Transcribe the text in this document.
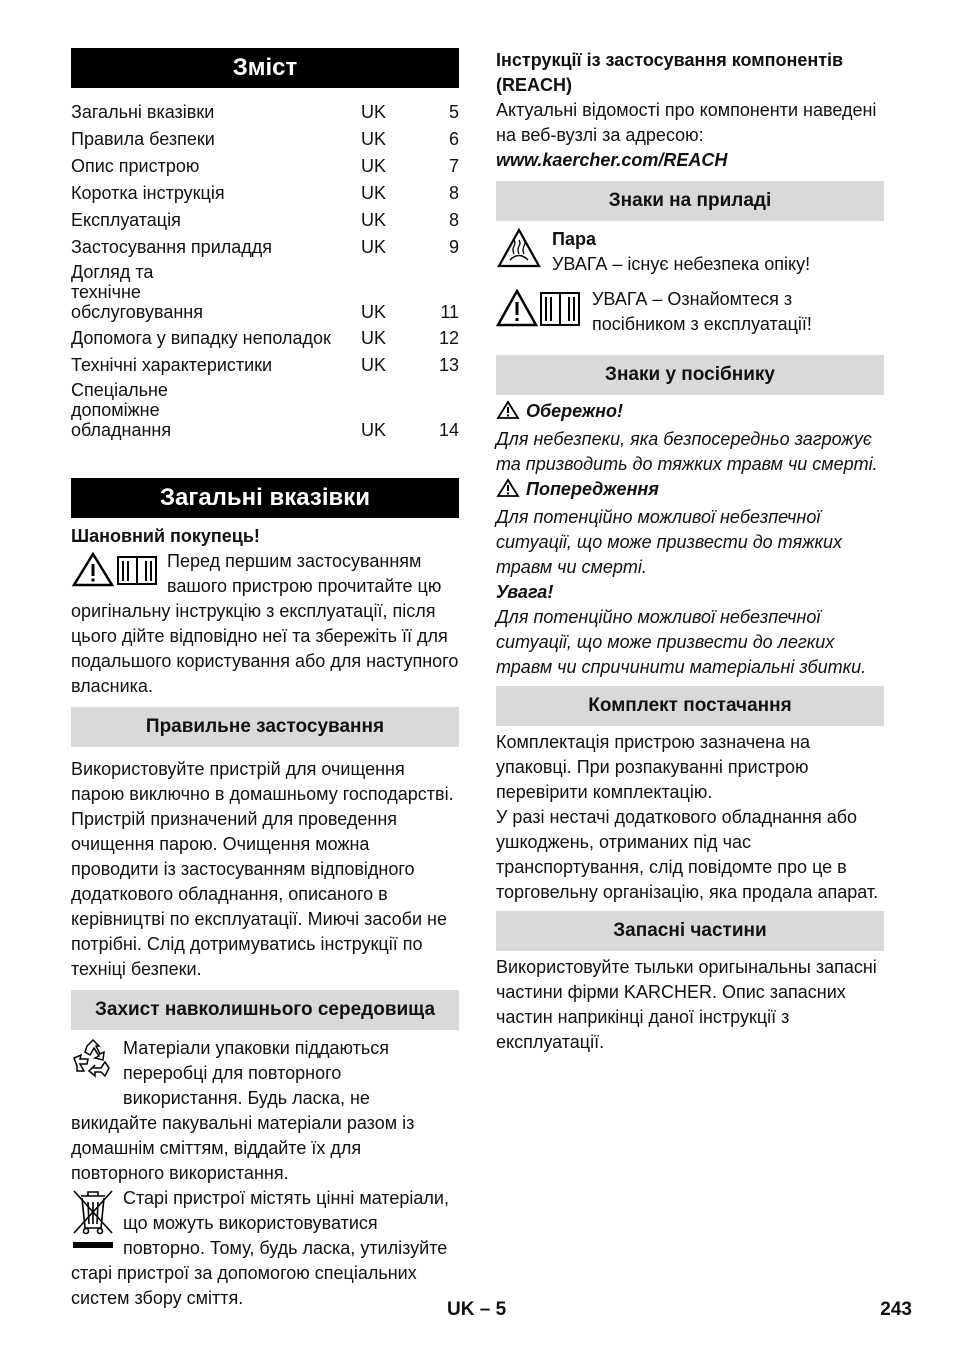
Зміст
Загальні вказівки	UK	5
Правила безпеки	UK	6
Опис пристрою	UK	7
Коротка інструкція	UK	8
Експлуатація	UK	8
Застосування приладдя	UK	9
Догляд та технічне обслуговування	UK	11
Допомога у випадку неполадок	UK	12
Технічні характеристики	UK	13
Спеціальне допоміжне обладнання	UK	14
Загальні вказівки

Шановний покупець!

Перед першим застосуванням вашого пристрою прочитайте цю оригінальну інструкцію з експлуатації, після цього дійте відповідно неї та збережіть її для подальшого користування або для наступного власника.

Правильне застосування

Використовуйте пристрій для очищення парою виключно в домашньому господарстві. Пристрій призначений для проведення очищення парою. Очищення можна проводити із застосуванням відповідного додаткового обладнання, описаного в керівництві по експлуатації. Миючі засоби не потрібні. Слід дотримуватись інструкції по техніці безпеки.

Захист навколишнього середовища

Матеріали упаковки піддаються переробці для повторного використання. Будь ласка, не викидайте пакувальні матеріали разом із домашнім сміттям, віддайте їх для повторного використання.

Старі пристрої містять цінні матеріали, що можуть використовуватися повторно. Тому, будь ласка, утилізуйте старі пристрої за допомогою спеціальних систем збору сміття.

Інструкції із застосування компонентів (REACH)

Актуальні відомості про компоненти наведені на веб-вузлі за адресою:

www.kaercher.com/REACH

Знаки на приладі

Пара

УВАГА – існує небезпека опіку!

УВАГА – Ознайомтеся з посібником з експлуатації!

Знаки у посібнику

Обережно!

Для небезпеки, яка безпосередньо загрожує та призводить до тяжких травм чи смерті.

Попередження

Для потенційно можливої небезпечної ситуації, що може призвести до тяжких травм чи смерті.

Увага!

Для потенційно можливої небезпечної ситуації, що може призвести до легких травм чи спричинити матеріальні збитки.

Комплект постачання

Комплектація пристрою зазначена на упаковці. При розпакуванні пристрою перевірити комплектацію.

У разі нестачі додаткового обладнання або ушкоджень, отриманих під час транспортування, слід повідомте про це в торговельну організацію, яка продала апарат.

Запасні частини

Використовуйте тыльки оригынальны запасні частини фірми KARCHER. Опис запасних частин наприкінці даної інструкції з експлуатації.

UK – 5	243
